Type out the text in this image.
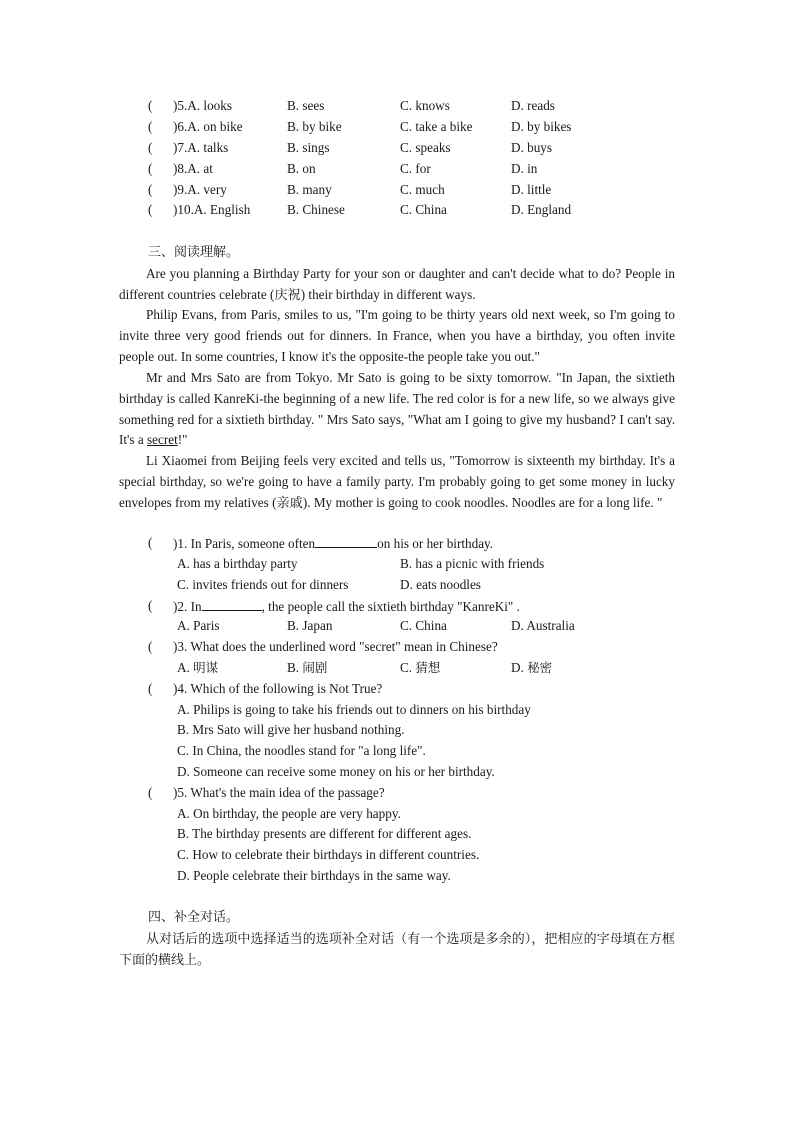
( )5.A. looks	B. sees	C. knows	D. reads
( )6.A. on bike	B. by bike	C. take a bike	D. by bikes
( )7.A. talks	B. sings	C. speaks	D. buys
( )8.A. at	B. on	C. for	D. in
( )9.A. very	B. many	C. much	D. little
( )10.A. English	B. Chinese	C. China	D. England
三、阅读理解。
Are you planning a Birthday Party for your son or daughter and can't decide what to do? People in different countries celebrate (庆祝) their birthday in different ways.
Philip Evans, from Paris, smiles to us, "I'm going to be thirty years old next week, so I'm going to invite three very good friends out for dinners. In France, when you have a birthday, you often invite people out. In some countries, I know it's the opposite-the people take you out."
Mr and Mrs Sato are from Tokyo. Mr Sato is going to be sixty tomorrow. "In Japan, the sixtieth birthday is called KanreKi-the beginning of a new life. The red color is for a new life, so we always give something red for a sixtieth birthday. " Mrs Sato says, "What am I going to give my husband? I can't say. It's a secret!"
Li Xiaomei from Beijing feels very excited and tells us, "Tomorrow is sixteenth my birthday. It's a special birthday, so we're going to have a family party. I'm probably going to get some money in lucky envelopes from my relatives (亲戚). My mother is going to cook noodles. Noodles are for a long life. "
( )1. In Paris, someone often	on his or her birthday.
A. has a birthday party	B. has a picnic with friends
C. invites friends out for dinners	D. eats noodles
( )2. In	, the people call the sixtieth birthday "KanreKi" .
A. Paris	B. Japan	C. China	D. Australia
( )3. What does the underlined word "secret" mean in Chinese?
A. 明谋	B. 闹剧	C. 猜想	D. 秘密
( )4. Which of the following is Not True?
A. Philips is going to take his friends out to dinners on his birthday
B. Mrs Sato will give her husband nothing.
C. In China, the noodles stand for "a long life".
D. Someone can receive some money on his or her birthday.
( )5. What's the main idea of the passage?
A. On birthday, the people are very happy.
B. The birthday presents are different for different ages.
C. How to celebrate their birthdays in different countries.
D. People celebrate their birthdays in the same way.
四、补全对话。
从对话后的选项中选择适当的选项补全对话（有一个选项是多余的），把相应的字母填在方框下面的横线上。
